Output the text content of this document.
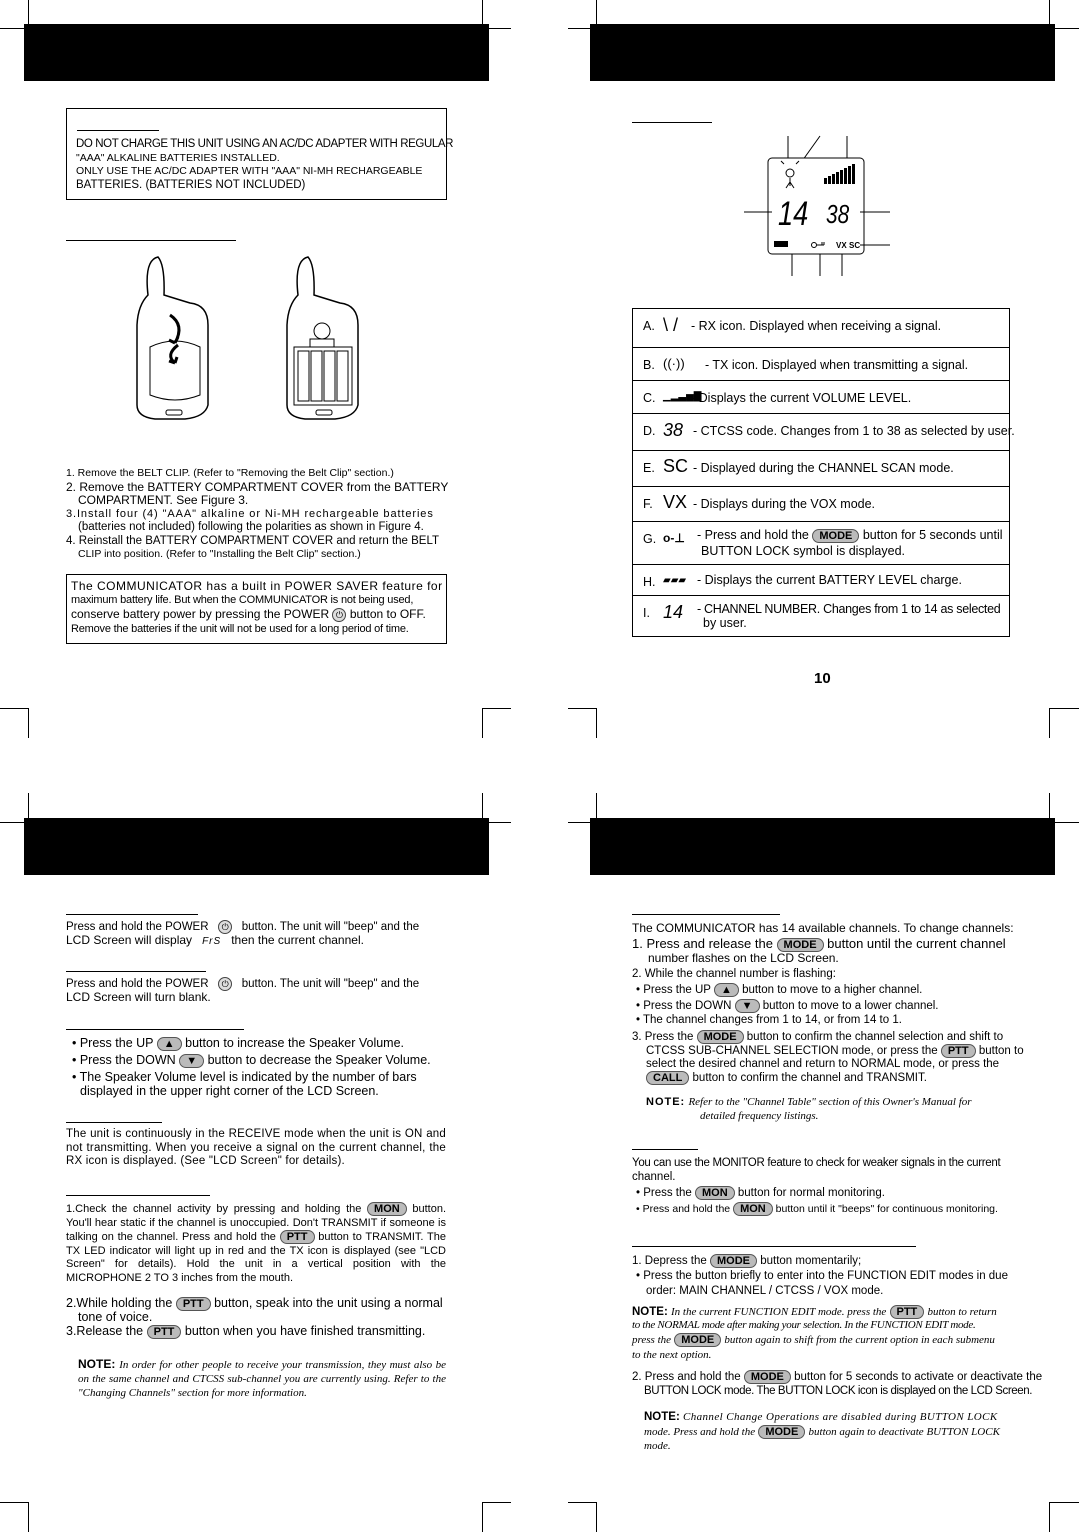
DO NOT CHARGE THIS UNIT USING AN AC/DC ADAPTER WITH REGULAR
"AAA" ALKALINE BATTERIES INSTALLED.
ONLY USE THE AC/DC ADAPTER WITH "AAA" NI-MH RECHARGEABLE
BATTERIES. (BATTERIES NOT INCLUDED)
1. Remove the BELT CLIP. (Refer to "Removing the Belt Clip" section.)
2. Remove the BATTERY COMPARTMENT COVER from the BATTERY
COMPARTMENT. See Figure 3.
3.Install four (4) "AAA" alkaline or Ni-MH rechargeable batteries
(batteries not included) following the polarities as shown in Figure 4.
4. Reinstall the BATTERY COMPARTMENT COVER and return the BELT
CLIP into position. (Refer to "Installing the Belt Clip" section.)
The COMMUNICATOR has a built in POWER SAVER feature for
maximum battery life. But when the COMMUNICATOR is not being used,
conserve battery power by pressing the POWER ⏻ button to OFF.
Remove the batteries if the unit will not be used for a long period of time.
14 38
VX SC
A. \ / - RX icon. Displayed when receiving a signal.
B. ((·)) - TX icon. Displayed when transmitting a signal.
C. ▁▂▃▅▇
- Displays the current VOLUME LEVEL.
D. 38 - CTCSS code. Changes from 1 to 38 as selected by user.
E. SC - Displayed during the CHANNEL SCAN mode.
F. VX - Displays during the VOX mode.
G. o-⊥ - Press and hold the MODE button for 5 seconds until
BUTTON LOCK symbol is displayed.
H. ▰▰▰ - Displays the current BATTERY LEVEL charge.
I. 14 - CHANNEL NUMBER. Changes from 1 to 14 as selected
by user.
10
Press and hold the POWER ⏻ button. The unit will "beep" and the
LCD Screen will display FrS then the current channel.
Press and hold the POWER ⏻ button. The unit will "beep" and the
LCD Screen will turn blank.
• Press the UP ▲ button to increase the Speaker Volume.
• Press the DOWN ▼ button to decrease the Speaker Volume.
• The Speaker Volume level is indicated by the number of bars
displayed in the upper right corner of the LCD Screen.
The unit is continuously in the RECEIVE mode when the unit is ON and not transmitting. When you receive a signal on the current channel, the RX icon is displayed. (See "LCD Screen" for details).
1.Check the channel activity by pressing and holding the MON button. You'll hear static if the channel is unoccupied. Don't TRANSMIT if someone is talking on the channel. Press and hold the PTT button to TRANSMIT. The TX LED indicator will light up in red and the TX icon is displayed (see "LCD Screen" for details). Hold the unit in a vertical position with the MICROPHONE 2 TO 3 inches from the mouth.
2.While holding the PTT button, speak into the unit using a normal
tone of voice.
3.Release the PTT button when you have finished transmitting.
NOTE: In order for other people to receive your transmission, they must also be on the same channel and CTCSS sub-channel you are currently using. Refer to the "Changing Channels" section for more information.
The COMMUNICATOR has 14 available channels. To change channels:
1. Press and release the MODE button until the current channel
number flashes on the LCD Screen.
2. While the channel number is flashing:
• Press the UP ▲ button to move to a higher channel.
• Press the DOWN ▼ button to move to a lower channel.
• The channel changes from 1 to 14, or from 14 to 1.
3. Press the MODE button to confirm the channel selection and shift to
CTCSS SUB-CHANNEL SELECTION mode, or press the PTT button to
select the desired channel and return to NORMAL mode, or press the
CALL button to confirm the channel and TRANSMIT.
NOTE: Refer to the "Channel Table" section of this Owner's Manual for
detailed frequency listings.
You can use the MONITOR feature to check for weaker signals in the current
channel.
• Press the MON button for normal monitoring.
• Press and hold the MON button until it "beeps" for continuous monitoring.
1. Depress the MODE button momentarily;
• Press the button briefly to enter into the FUNCTION EDIT modes in due
order: MAIN CHANNEL / CTCSS / VOX mode.
NOTE: In the current FUNCTION EDIT mode. press the PTT button to return
to the NORMAL mode after making your selection. In the FUNCTION EDIT mode.
press the MODE button again to shift from the current option in each submenu
to the next option.
2. Press and hold the MODE button for 5 seconds to activate or deactivate the
BUTTON LOCK mode. The BUTTON LOCK icon is displayed on the LCD Screen.
NOTE: Channel Change Operations are disabled during BUTTON LOCK
mode. Press and hold the MODE button again to deactivate BUTTON LOCK
mode.
